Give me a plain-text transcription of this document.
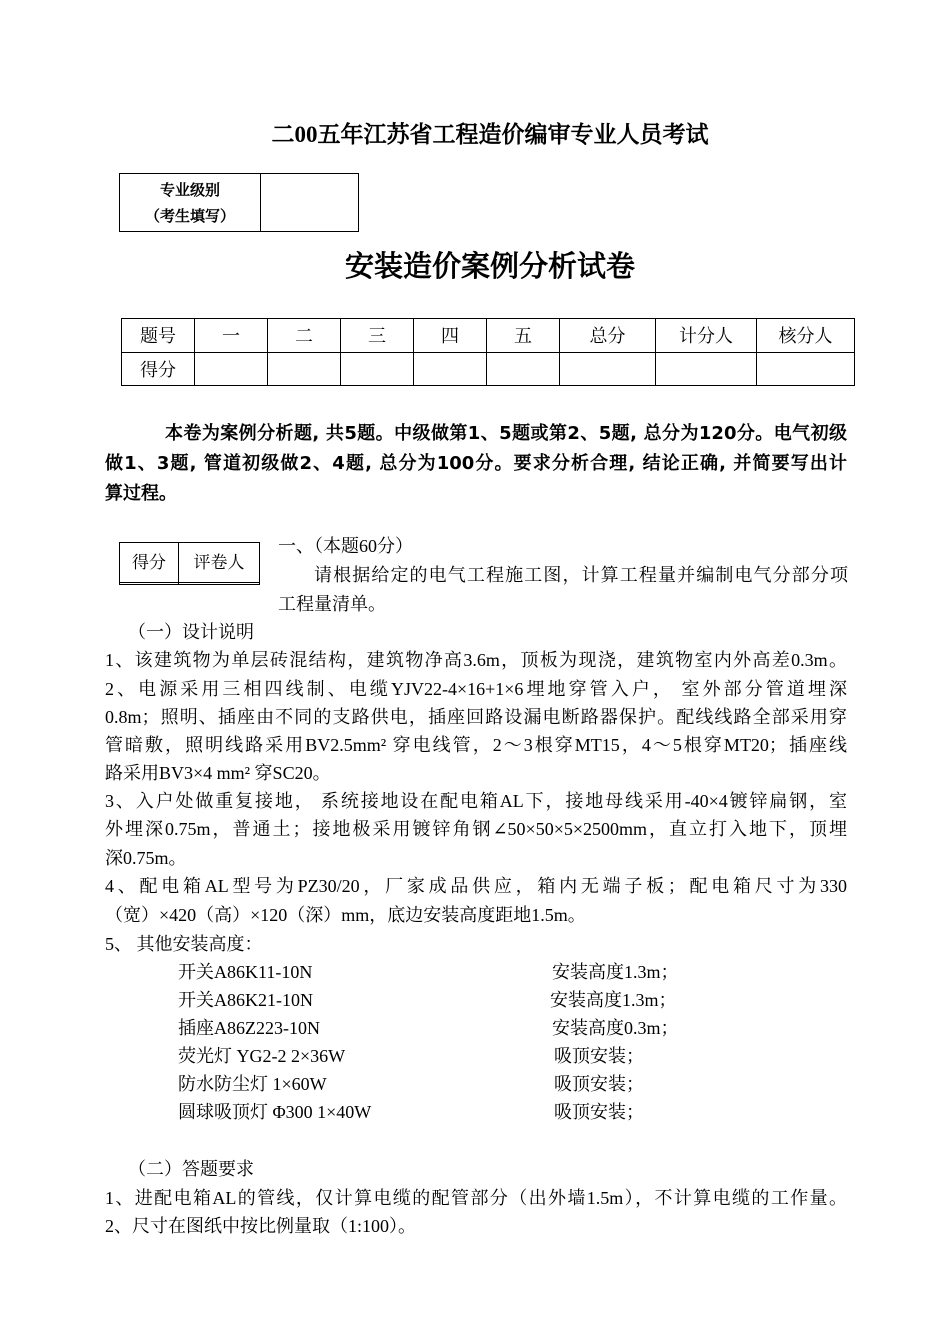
二00五年江苏省工程造价编审专业人员考试
专业级别
（考生填写）

安装造价案例分析试卷
题号	一	二	三	四	五	总分	计分人	核分人
得分								
本卷为案例分析题, 共5题。中级做第1、5题或第2、5题, 总分为120分。电气初级
做1、3题, 管道初级做2、4题, 总分为100分。要求分析合理, 结论正确, 并简要写出计
算过程。
得分	评卷人

一、（本题60分）
请根据给定的电气工程施工图，计算工程量并编制电气分部分项
工程量清单。
（一）设计说明
1、该建筑物为单层砖混结构，建筑物净高3.6m，顶板为现浇，建筑物室内外高差0.3m。
2、电源采用三相四线制、电缆YJV22-4×16+1×6埋地穿管入户， 室外部分管道埋深
0.8m；照明、插座由不同的支路供电，插座回路设漏电断路器保护。配线线路全部采用穿
管暗敷，照明线路采用BV2.5mm² 穿电线管，2～3根穿MT15，4～5根穿MT20；插座线
路采用BV3×4 mm² 穿SC20。
3、入户处做重复接地， 系统接地设在配电箱AL下，接地母线采用-40×4镀锌扁钢，室
外埋深0.75m，普通土；接地极采用镀锌角钢∠50×50×5×2500mm，直立打入地下，顶埋
深0.75m。
4、配电箱AL型号为PZ30/20，厂家成品供应，箱内无端子板；配电箱尺寸为330
（宽）×420（高）×120（深）mm，底边安装高度距地1.5m。
5、 其他安装高度：
开关A86K11-10N	安装高度1.3m；
开关A86K21-10N	安装高度1.3m；
插座A86Z223-10N	安装高度0.3m；
荧光灯 YG2-2 2×36W	吸顶安装；
防水防尘灯 1×60W	吸顶安装；
圆球吸顶灯 Φ300 1×40W	吸顶安装；
（二）答题要求
1、进配电箱AL的管线，仅计算电缆的配管部分（出外墙1.5m），不计算电缆的工作量。
2、尺寸在图纸中按比例量取（1:100）。
